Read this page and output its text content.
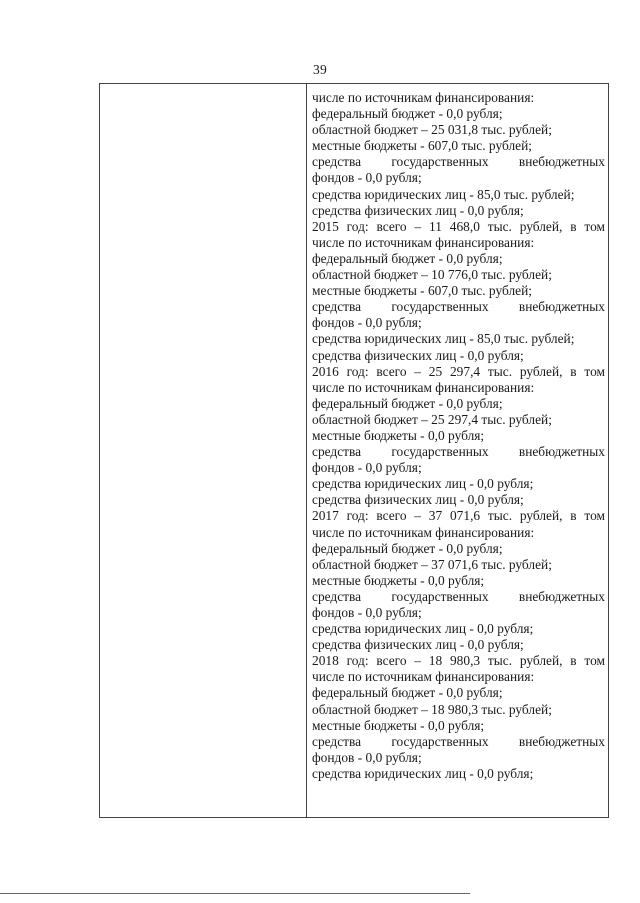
39
числе по источникам финансирования:
федеральный бюджет - 0,0 рубля;
областной бюджет – 25 031,8 тыс. рублей;
местные бюджеты - 607,0 тыс. рублей;
средства государственных внебюджетных
фондов - 0,0 рубля;
средства юридических лиц - 85,0 тыс. рублей;
средства физических лиц - 0,0 рубля;
2015 год: всего – 11 468,0 тыс. рублей, в том
числе по источникам финансирования:
федеральный бюджет - 0,0 рубля;
областной бюджет – 10 776,0 тыс. рублей;
местные бюджеты - 607,0 тыс. рублей;
средства государственных внебюджетных
фондов - 0,0 рубля;
средства юридических лиц - 85,0 тыс. рублей;
средства физических лиц - 0,0 рубля;
2016 год: всего – 25 297,4 тыс. рублей, в том
числе по источникам финансирования:
федеральный бюджет - 0,0 рубля;
областной бюджет – 25 297,4 тыс. рублей;
местные бюджеты - 0,0 рубля;
средства государственных внебюджетных
фондов - 0,0 рубля;
средства юридических лиц - 0,0 рубля;
средства физических лиц - 0,0 рубля;
2017 год: всего – 37 071,6 тыс. рублей, в том
числе по источникам финансирования:
федеральный бюджет - 0,0 рубля;
областной бюджет – 37 071,6 тыс. рублей;
местные бюджеты - 0,0 рубля;
средства государственных внебюджетных
фондов - 0,0 рубля;
средства юридических лиц - 0,0 рубля;
средства физических лиц - 0,0 рубля;
2018 год: всего – 18 980,3 тыс. рублей, в том
числе по источникам финансирования:
федеральный бюджет - 0,0 рубля;
областной бюджет – 18 980,3 тыс. рублей;
местные бюджеты - 0,0 рубля;
средства государственных внебюджетных
фондов - 0,0 рубля;
средства юридических лиц - 0,0 рубля;
